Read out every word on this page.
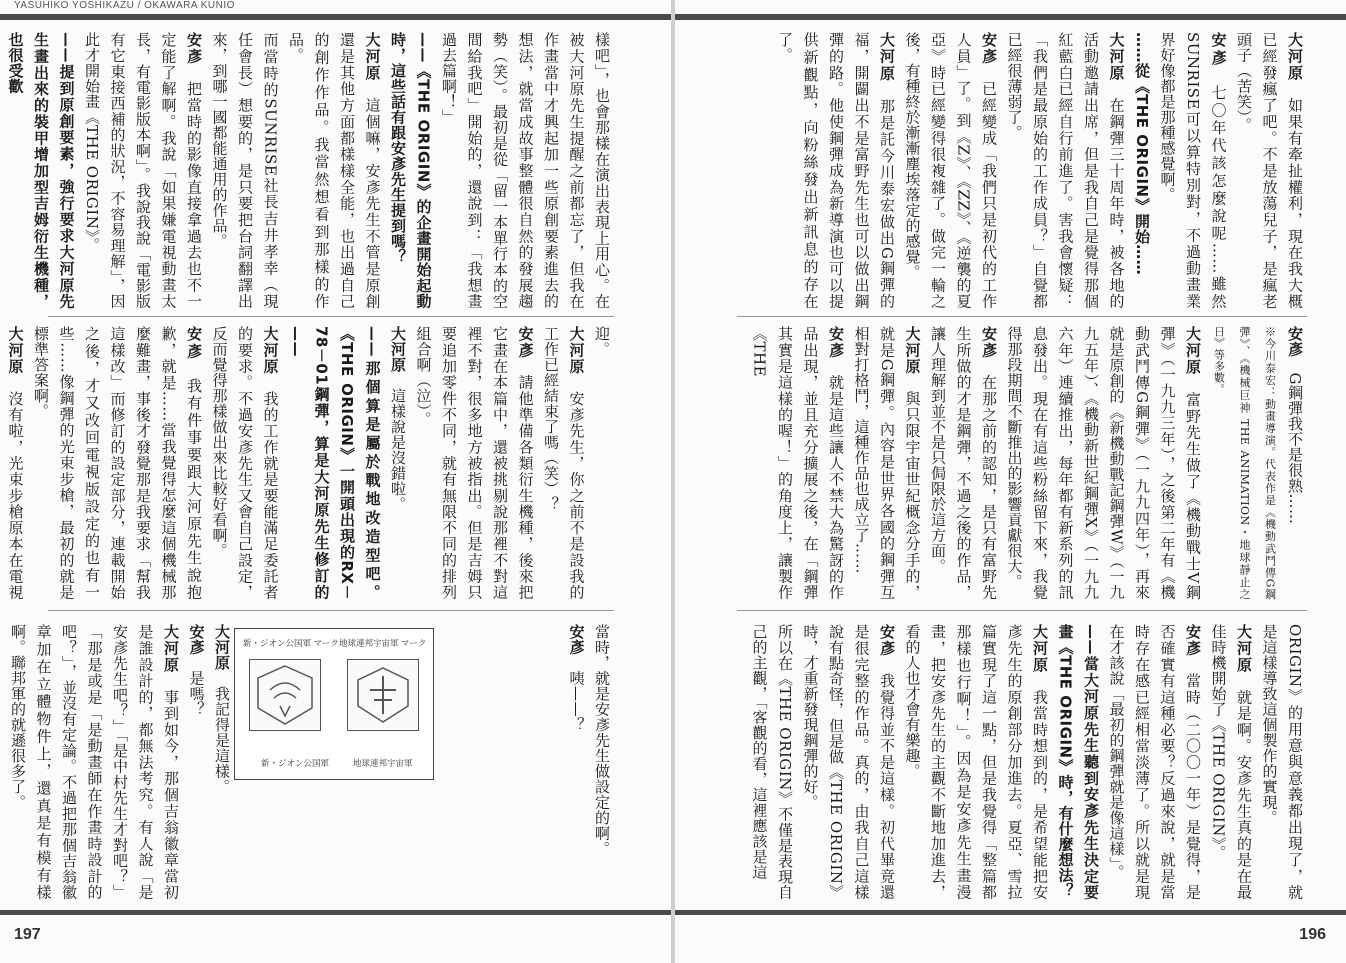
YASUHIKO YOSHIKAZU / OKAWARA KUNIO

樣吧」，也會那樣在演出表現上用心。在被大河原先生提醒之前都忘了，但我在作畫當中才興起加一些原創要素進去的想法，就當成故事整體很自然的發展趨勢（笑）。最初是從「留一本單行本的空間給我吧」開始的，還說到：「我想畫過去篇啊！」

——《THE ORIGIN》的企畫開始起動時，這些話有跟安彥先生提到嗎？

大河原這個嘛，安彥先生不管是原創還是其他方面都樣樣全能，也出過自己的創作作品。我當然想看到那樣的作品。

而當時的SUNRISE社長吉井孝幸（現任會長）想要的，是只要把台詞翻譯出來，到哪一國都能通用的作品。

安彥把當時的影像直接拿過去也不一定能了解啊。我說「如果嫌電視動畫太長，有電影版本啊」。我說我說「電影版有它東接西補的狀況，不容易理解」，因此才開始畫《THE ORIGIN》。

——提到原創要素，強行要求大河原先生畫出來的裝甲增加型吉姆衍生機種，也很受歡

迎。

大河原安彥先生，你之前不是設我的工作已經結束了嗎（笑）？

安彥請他準備各類衍生機種，後來把它畫在本篇中，還被挑剔說那裡不對這裡不對，很多地方被指出。但是吉姆只要追加零件不同，就有無限不同的排列組合啊（泣）。

大河原這樣說是沒錯啦。

——那個算是屬於戰地改造型吧。《THE ORIGIN》一開頭出現的RX－78－01鋼彈，算是大河原先生修訂的——

大河原我的工作就是要能滿足委託者的要求。不過安彥先生又會自己設定，反而覺得那樣做出來比較好看啊。

安彥我有件事要跟大河原先生說抱歉，就是……當我覺得怎麼這個機械那麼難畫，事後才發覺那是我要求「幫我這樣改」而修訂的設定部分，連載開始之後，才又改回電視版設定的也有一些……像鋼彈的光束步槍，最初的就是標準答案啊。

大河原沒有啦，光束步槍原本在電視

大河原我記得是這樣。

安彥是嗎？

大河原事到如今，那個吉翁徽章當初是誰設計的，都無法考究。有人說「是安彥先生吧？」「是中村先生才對吧？」「那是或是「是動畫師在作畫時設計的吧？」，並沒有定論。不過把那個吉翁徽章加在立體物件上，還真是有模有樣啊。聯邦軍的就遜很多了。	當時，就是安彥先生做設定的啊。

安彥咦——？

新・ジオン公国軍 マーク 地球連邦宇宙軍 マーク
新・ジオン公国軍	地球連邦宇宙軍
197

大河原如果有牽扯權利，現在我大概已經發瘋了吧。不是放蕩兒子，是瘋老頭子（苦笑）。

安彥七〇年代該怎麼說呢……雖然SUNRISE可以算特別對，不過動畫業界好像都是那種感覺啊。

……從《THE ORIGIN》開始……

大河原在鋼彈三十周年時，被各地的活動邀請出席，但是我自己是覺得那個紅藍白已經自行前進了。害我會懷疑：「我們是最原始的工作成員？」自覺都已經很薄弱了。

安彥已經變成「我們只是初代的工作人員」了。到《Z》、《ZZ》、《逆襲的夏亞》時已經變得很複雜了。做完一輪之後，有種終於漸漸塵埃落定的感覺。

大河原那是託今川泰宏做出G鋼彈的福，開闢出不是富野先生也可以做出鋼彈的路。他使鋼彈成為新導演也可以提供新觀點，向粉絲發出新訊息的存在了。

安彥G鋼彈我不是很熟……

※今川泰宏：動畫導演。代表作是《機動武鬥傳G鋼彈》、《機械巨神 THE ANIMATION・地球靜止之日》等多數。

大河原富野先生做了《機動戰士V鋼彈》（一九九三年），之後第二年有《機動武鬥傳G鋼彈》（一九九四年），再來就是原創的《新機動戰記鋼彈W》（一九九五年）、《機動新世紀鋼彈X》（一九九六年）連續推出，每年都有新系列的訊息發出。現在有這些粉絲留下來，我覺得那段期間不斷推出的影響貢獻很大。

安彥在那之前的認知，是只有富野先生所做的才是鋼彈，不過之後的作品，讓人理解到並不是只侷限於這方面。

大河原與只限宇宙世紀概念分手的，就是G鋼彈。內容是世界各國的鋼彈互相對打格鬥，這種作品也成立了……

安彥就是這些讓人不禁大為驚訝的作品出現，並且充分擴展之後，在「鋼彈其實是這樣的喔！」的角度上，讓製作《THE

ORIGIN》的用意與意義都出現了，就是這樣導致這個製作的實現。

大河原就是啊。安彥先生真的是在最佳時機開始了《THE ORIGIN》。

安彥當時（二〇〇一年）是覺得，是否確實有這種必要？反過來說，就是當時存在感已經相當淡薄了。所以就是現在才該說「最初的鋼彈就是像這樣」。

——當大河原先生聽到安彥先生決定要畫《THE ORIGIN》時，有什麼想法？

大河原我當時想到的，是希望能把安彥先生的原創部分加進去。夏亞、雪拉篇實現了這一點，但是我覺得「整篇都那樣也行啊！」。因為是安彥先生畫漫畫，把安彥先生的主觀不斷地加進去，看的人也才會有樂趣。

安彥我覺得並不是這樣。初代畢竟還是很完整的作品。真的，由我自己這樣說有點奇怪，但是做《THE ORIGIN》時，才重新發現鋼彈的好。

所以在《THE ORIGIN》不僅是表現自己的主觀，「客觀的看，這裡應該是這

196
